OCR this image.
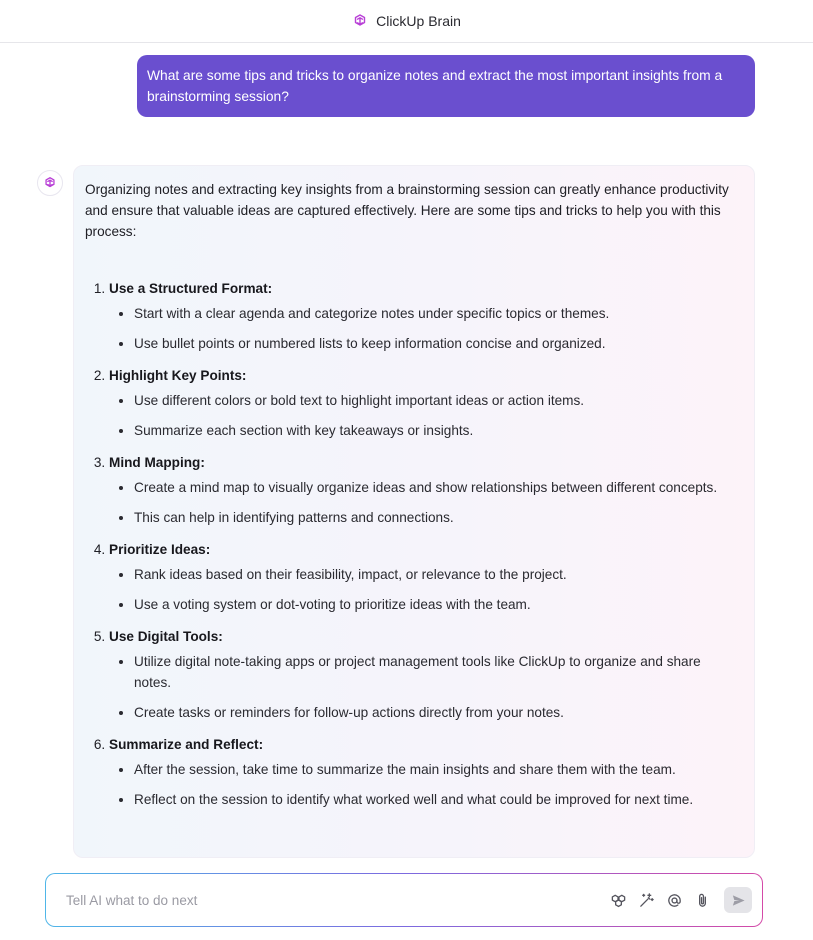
ClickUp Brain
What are some tips and tricks to organize notes and extract the most important insights from a brainstorming session?

Organizing notes and extracting key insights from a brainstorming session can greatly enhance productivity and ensure that valuable ideas are captured effectively. Here are some tips and tricks to help you with this process:

1. Use a Structured Format:
• Start with a clear agenda and categorize notes under specific topics or themes.
• Use bullet points or numbered lists to keep information concise and organized.
2. Highlight Key Points:
• Use different colors or bold text to highlight important ideas or action items.
• Summarize each section with key takeaways or insights.
3. Mind Mapping:
• Create a mind map to visually organize ideas and show relationships between different concepts.
• This can help in identifying patterns and connections.
4. Prioritize Ideas:
• Rank ideas based on their feasibility, impact, or relevance to the project.
• Use a voting system or dot-voting to prioritize ideas with the team.
5. Use Digital Tools:
• Utilize digital note-taking apps or project management tools like ClickUp to organize and share notes.
• Create tasks or reminders for follow-up actions directly from your notes.
6. Summarize and Reflect:
• After the session, take time to summarize the main insights and share them with the team.
• Reflect on the session to identify what worked well and what could be improved for next time.
Tell AI what to do next
